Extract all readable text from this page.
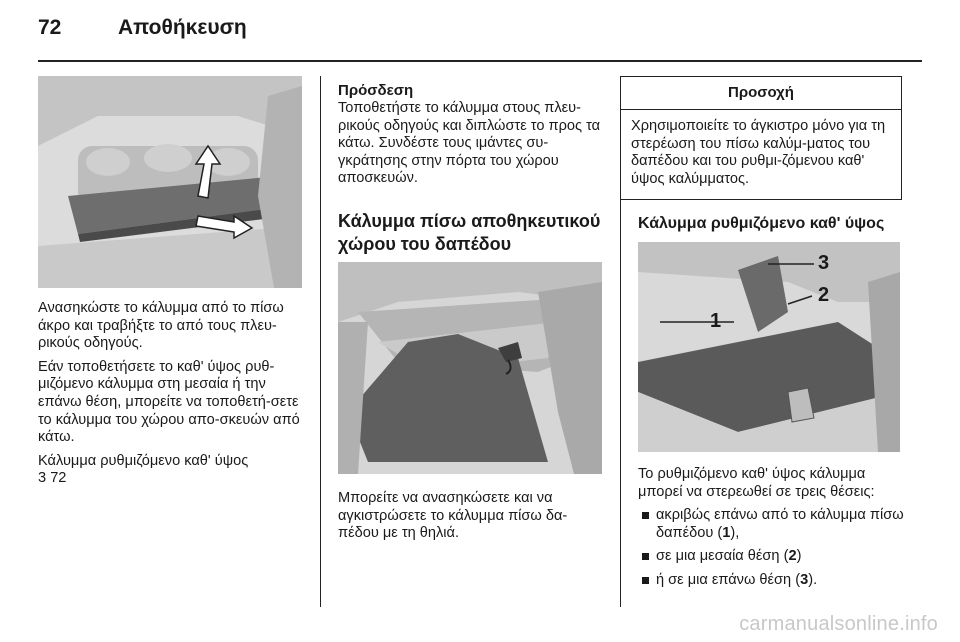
72	Αποθήκευση

Ανασηκώστε το κάλυμμα από το πίσω άκρο και τραβήξτε το από τους πλευ-ρικούς οδηγούς.

Εάν τοποθετήσετε το καθ' ύψος ρυθ-μιζόμενο κάλυμμα στη μεσαία ή την επάνω θέση, μπορείτε να τοποθετή-σετε το κάλυμμα του χώρου απο-σκευών από κάτω.

Κάλυμμα ρυθμιζόμενο καθ' ύψος
3 72

Πρόσδεση

Τοποθετήστε το κάλυμμα στους πλευ-ρικούς οδηγούς και διπλώστε το προς τα κάτω. Συνδέστε τους ιμάντες συ-γκράτησης στην πόρτα του χώρου αποσκευών.

Κάλυμμα πίσω αποθηκευτικού χώρου του δαπέδου

Μπορείτε να ανασηκώσετε και να αγκιστρώσετε το κάλυμμα πίσω δα-πέδου με τη θηλιά.

Προσοχή
Χρησιμοποιείτε το άγκιστρο μόνο για τη στερέωση του πίσω καλύμ-ματος του δαπέδου και του ρυθμι-ζόμενου καθ' ύψος καλύμματος.
Κάλυμμα ρυθμιζόμενο καθ' ύψος
1
2
3

Το ρυθμιζόμενο καθ' ύψος κάλυμμα μπορεί να στερεωθεί σε τρεις θέσεις:

ακριβώς επάνω από το κάλυμμα πίσω δαπέδου (1),
σε μια μεσαία θέση (2)
ή σε μια επάνω θέση (3).
carmanualsonline.info
